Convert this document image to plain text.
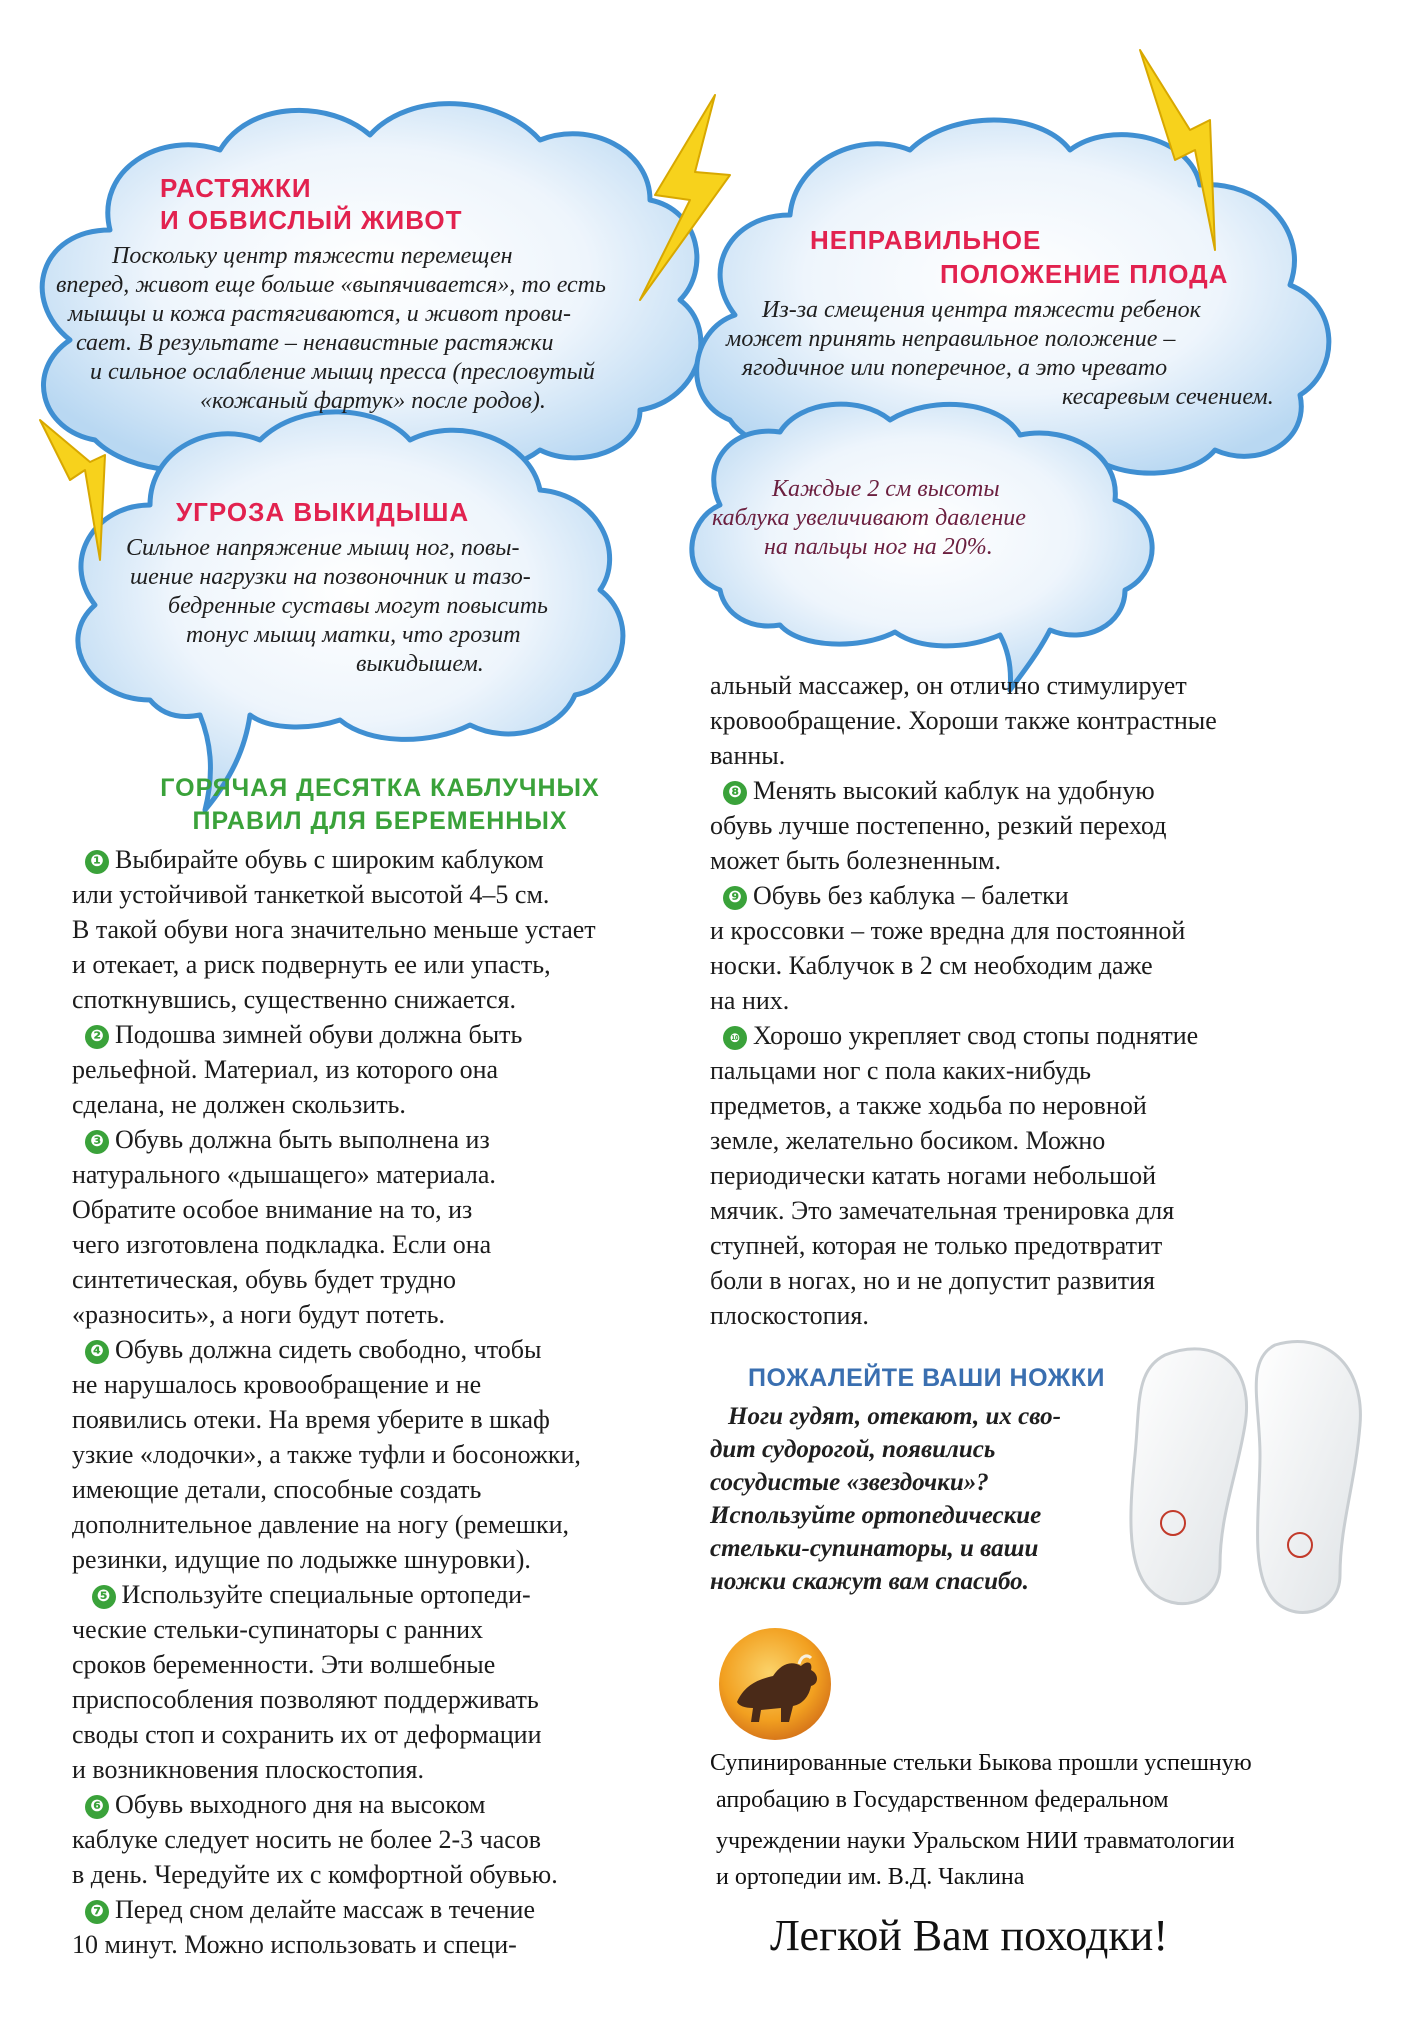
РАСТЯЖКИ
И ОБВИСЛЫЙ ЖИВОТ
Поскольку центр тяжести перемещен
вперед, живот еще больше «выпячивается», то есть
мышцы и кожа растягиваются, и живот прови-
сает. В результате – ненавистные растяжки
и сильное ослабление мышц пресса (пресловутый
«кожаный фартук» после родов).
НЕПРАВИЛЬНОЕ
ПОЛОЖЕНИЕ ПЛОДА
Из-за смещения центра тяжести ребенок
может принять неправильное положение –
ягодичное или поперечное, а это чревато
кесаревым сечением.
УГРОЗА ВЫКИДЫША
Сильное напряжение мышц ног, повы-
шение нагрузки на позвоночник и тазо-
бедренные суставы могут повысить
тонус мышц матки, что грозит
выкидышем.
Каждые 2 см высоты
каблука увеличивают давление
на пальцы ног на 20%.
ГОРЯЧАЯ ДЕСЯТКА КАБЛУЧНЫХ
ПРАВИЛ ДЛЯ БЕРЕМЕННЫХ

❶ Выбирайте обувь с широким каблуком

или устойчивой танкеткой высотой 4–5 см.

В такой обуви нога значительно меньше устает

и отекает, а риск подвернуть ее или упасть,

споткнувшись, существенно снижается.

❷ Подошва зимней обуви должна быть

рельефной. Материал, из которого она

сделана, не должен скользить.

❸ Обувь должна быть выполнена из

натурального «дышащего» материала.

Обратите особое внимание на то, из

чего изготовлена подкладка. Если она

синтетическая, обувь будет трудно

«разносить», а ноги будут потеть.

❹ Обувь должна сидеть свободно, чтобы

не нарушалось кровообращение и не

появились отеки. На время уберите в шкаф

узкие «лодочки», а также туфли и босоножки,

имеющие детали, способные создать

дополнительное давление на ногу (ремешки,

резинки, идущие по лодыжке шнуровки).

❺ Используйте специальные ортопеди-

ческие стельки-супинаторы с ранних

сроков беременности. Эти волшебные

приспособления позволяют поддерживать

своды стоп и сохранить их от деформации

и возникновения плоскостопия.

❻ Обувь выходного дня на высоком

каблуке следует носить не более 2-3 часов

в день. Чередуйте их с комфортной обувью.

❼ Перед сном делайте массаж в течение

10 минут. Можно использовать и специ-

альный массажер, он отлично стимулирует

кровообращение. Хороши также контрастные

ванны.

❽ Менять высокий каблук на удобную

обувь лучше постепенно, резкий переход

может быть болезненным.

❾ Обувь без каблука – балетки

и кроссовки – тоже вредна для постоянной

носки. Каблучок в 2 см необходим даже

на них.

❿ Хорошо укрепляет свод стопы поднятие

пальцами ног с пола каких-нибудь

предметов, а также ходьба по неровной

земле, желательно босиком. Можно

периодически катать ногами небольшой

мячик. Это замечательная тренировка для

ступней, которая не только предотвратит

боли в ногах, но и не допустит развития

плоскостопия.

ПОЖАЛЕЙТЕ ВАШИ НОЖКИ
Ноги гудят, отекают, их сво-
дит судорогой, появились
сосудистые «звездочки»?
Используйте ортопедические
стельки-супинаторы, и ваши
ножки скажут вам спасибо.
Супинированные стельки Быкова прошли успешную
апробацию в Государственном федеральном
учреждении науки Уральском НИИ травматологии
и ортопедии им. В.Д. Чаклина
Легкой Вам походки!
